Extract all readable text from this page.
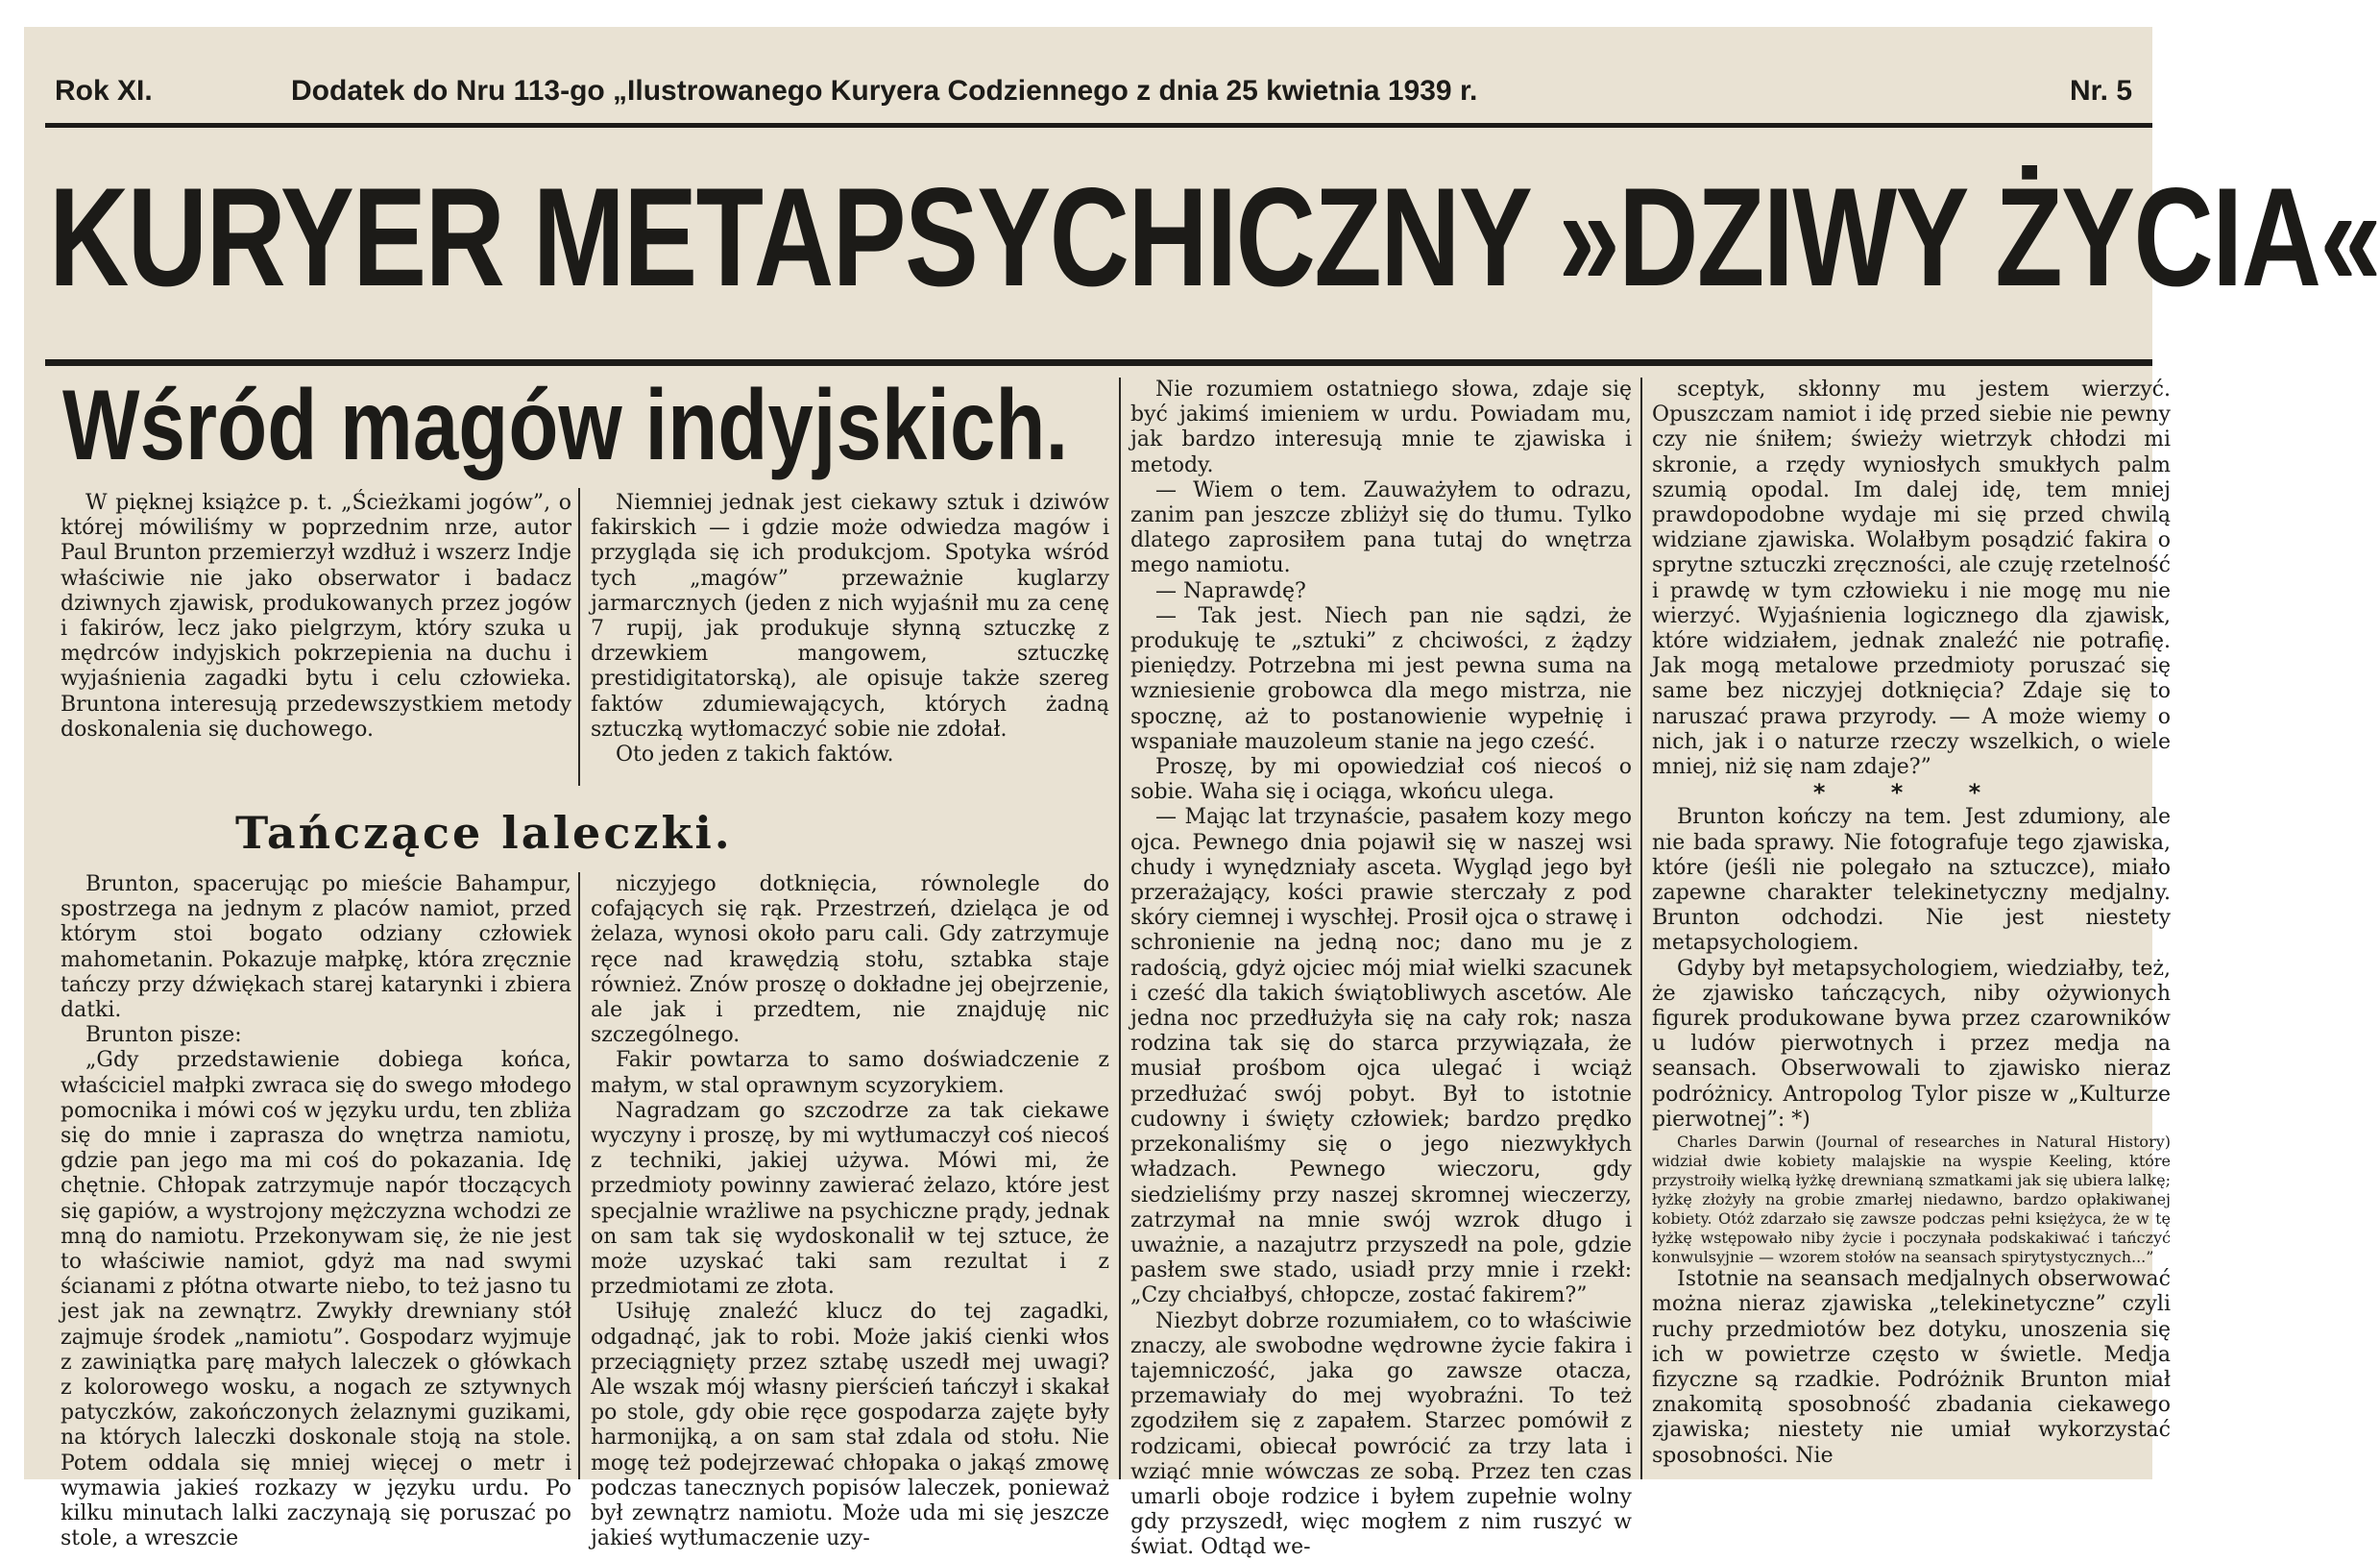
Rok XI.	Dodatek do Nru 113-go „Ilustrowanego Kuryera Codziennego z dnia 25 kwietnia 1939 r.	Nr. 5
KURYER METAPSYCHICZNY »DZIWY ŻYCIA«
Wśród magów indyjskich.
Tańczące laleczki.

W pięknej książce p. t. „Ścieżkami jogów”, o której mówiliśmy w poprzednim nrze, autor Paul Brunton przemierzył wzdłuż i wszerz Indje właściwie nie jako obserwator i badacz dziwnych zjawisk, produkowanych przez jogów i fakirów, lecz jako pielgrzym, który szuka u mędrców indyjskich pokrzepienia na duchu i wyjaśnienia zagadki bytu i celu człowieka. Bruntona interesują przedewszystkiem metody doskonalenia się duchowego.

Niemniej jednak jest ciekawy sztuk i dziwów fakirskich — i gdzie może odwiedza magów i przygląda się ich produkcjom. Spotyka wśród tych „magów” przeważnie kuglarzy jarmarcznych (jeden z nich wyjaśnił mu za cenę 7 rupij, jak produkuje słynną sztuczkę z drzewkiem mangowem, sztuczkę prestidigitatorską), ale opisuje także szereg faktów zdumiewających, których żadną sztuczką wytłomaczyć sobie nie zdołał.

Oto jeden z takich faktów.

Brunton, spacerując po mieście Bahampur, spostrzega na jednym z placów namiot, przed którym stoi bogato odziany człowiek mahometanin. Pokazuje małpkę, która zręcznie tańczy przy dźwiękach starej katarynki i zbiera datki.

Brunton pisze:

„Gdy przedstawienie dobiega końca, właściciel małpki zwraca się do swego młodego pomocnika i mówi coś w języku urdu, ten zbliża się do mnie i zaprasza do wnętrza namiotu, gdzie pan jego ma mi coś do pokazania. Idę chętnie. Chłopak zatrzymuje napór tłoczących się gapiów, a wystrojony mężczyzna wchodzi ze mną do namiotu. Przekonywam się, że nie jest to właściwie namiot, gdyż ma nad swymi ścianami z płótna otwarte niebo, to też jasno tu jest jak na zewnątrz. Zwykły drewniany stół zajmuje środek „namiotu”. Gospodarz wyjmuje z zawiniątka parę małych laleczek o główkach z kolorowego wosku, a nogach ze sztywnych patyczków, zakończonych żelaznymi guzikami, na których laleczki doskonale stoją na stole. Potem oddala się mniej więcej o metr i wymawia jakieś rozkazy w języku urdu. Po kilku minutach lalki zaczynają się poruszać po stole, a wreszcie

niczyjego dotknięcia, równolegle do cofających się rąk. Przestrzeń, dzieląca je od żelaza, wynosi około paru cali. Gdy zatrzymuje ręce nad krawędzią stołu, sztabka staje również. Znów proszę o dokładne jej obejrzenie, ale jak i przedtem, nie znajduję nic szczególnego.

Fakir powtarza to samo doświadczenie z małym, w stal oprawnym scyzorykiem.

Nagradzam go szczodrze za tak ciekawe wyczyny i proszę, by mi wytłumaczył coś niecoś z techniki, jakiej używa. Mówi mi, że przedmioty powinny zawierać żelazo, które jest specjalnie wrażliwe na psychiczne prądy, jednak on sam tak się wydoskonalił w tej sztuce, że może uzyskać taki sam rezultat i z przedmiotami ze złota.

Usiłuję znaleźć klucz do tej zagadki, odgadnąć, jak to robi. Może jakiś cienki włos przeciągnięty przez sztabę uszedł mej uwagi? Ale wszak mój własny pierścień tańczył i skakał po stole, gdy obie ręce gospodarza zajęte były harmonijką, a on sam stał zdala od stołu. Nie mogę też podejrzewać chłopaka o jakąś zmowę podczas tanecznych popisów laleczek, ponieważ był zewnątrz namiotu. Może uda mi się jeszcze jakieś wytłumaczenie uzy-

Nie rozumiem ostatniego słowa, zdaje się być jakimś imieniem w urdu. Powiadam mu, jak bardzo interesują mnie te zjawiska i metody.

— Wiem o tem. Zauważyłem to odrazu, zanim pan jeszcze zbliżył się do tłumu. Tylko dlatego zaprosiłem pana tutaj do wnętrza mego namiotu.

— Naprawdę?

— Tak jest. Niech pan nie sądzi, że produkuję te „sztuki” z chciwości, z żądzy pieniędzy. Potrzebna mi jest pewna suma na wzniesienie grobowca dla mego mistrza, nie spocznę, aż to postanowienie wypełnię i wspaniałe mauzoleum stanie na jego cześć.

Proszę, by mi opowiedział coś niecoś o sobie. Waha się i ociąga, wkońcu ulega.

— Mając lat trzynaście, pasałem kozy mego ojca. Pewnego dnia pojawił się w naszej wsi chudy i wynędzniały asceta. Wygląd jego był przerażający, kości prawie sterczały z pod skóry ciemnej i wyschłej. Prosił ojca o strawę i schronienie na jedną noc; dano mu je z radością, gdyż ojciec mój miał wielki szacunek i cześć dla takich świątobliwych ascetów. Ale jedna noc przedłużyła się na cały rok; nasza rodzina tak się do starca przywiązała, że musiał prośbom ojca ulegać i wciąż przedłużać swój pobyt. Był to istotnie cudowny i święty człowiek; bardzo prędko przekonaliśmy się o jego niezwykłych władzach. Pewnego wieczoru, gdy siedzieliśmy przy naszej skromnej wieczerzy, zatrzymał na mnie swój wzrok długo i uważnie, a nazajutrz przyszedł na pole, gdzie pasłem swe stado, usiadł przy mnie i rzekł: „Czy chciałbyś, chłopcze, zostać fakirem?”

Niezbyt dobrze rozumiałem, co to właściwie znaczy, ale swobodne wędrowne życie fakira i tajemniczość, jaka go zawsze otacza, przemawiały do mej wyobraźni. To też zgodziłem się z zapałem. Starzec pomówił z rodzicami, obiecał powrócić za trzy lata i wziąć mnie wówczas ze sobą. Przez ten czas umarli oboje rodzice i byłem zupełnie wolny gdy przyszedł, więc mogłem z nim ruszyć w świat. Odtąd we-

sceptyk, skłonny mu jestem wierzyć. Opuszczam namiot i idę przed siebie nie pewny czy nie śniłem; świeży wietrzyk chłodzi mi skronie, a rzędy wyniosłych smukłych palm szumią opodal. Im dalej idę, tem mniej prawdopodobne wydaje mi się przed chwilą widziane zjawiska. Wolałbym posądzić fakira o sprytne sztuczki zręczności, ale czuję rzetelność i prawdę w tym człowieku i nie mogę mu nie wierzyć. Wyjaśnienia logicznego dla zjawisk, które widziałem, jednak znaleźć nie potrafię. Jak mogą metalowe przedmioty poruszać się same bez niczyjej dotknięcia? Zdaje się to naruszać prawa przyrody. — A może wiemy o nich, jak i o naturze rzeczy wszelkich, o wiele mniej, niż się nam zdaje?”

* * *

Brunton kończy na tem. Jest zdumiony, ale nie bada sprawy. Nie fotografuje tego zjawiska, które (jeśli nie polegało na sztuczce), miało zapewne charakter telekinetyczny medjalny. Brunton odchodzi. Nie jest niestety metapsychologiem.

Gdyby był metapsychologiem, wiedziałby, też, że zjawisko tańczących, niby ożywionych figurek produkowane bywa przez czarowników u ludów pierwotnych i przez medja na seansach. Obserwowali to zjawisko nieraz podróżnicy. Antropolog Tylor pisze w „Kulturze pierwotnej”: *)

Charles Darwin (Journal of researches in Natural History) widział dwie kobiety malajskie na wyspie Keeling, które przystroiły wielką łyżkę drewnianą szmatkami jak się ubiera lalkę; łyżkę złożyły na grobie zmarłej niedawno, bardzo opłakiwanej kobiety. Otóż zdarzało się zawsze podczas pełni księżyca, że w tę łyżkę wstępowało niby życie i poczynała podskakiwać i tańczyć konwulsyjnie — wzorem stołów na seansach spirytystycznych...”

Istotnie na seansach medjalnych obserwować można nieraz zjawiska „telekinetyczne” czyli ruchy przedmiotów bez dotyku, unoszenia się ich w powietrze często w świetle. Medja fizyczne są rzadkie. Podróżnik Brunton miał znakomitą sposobność zbadania ciekawego zjawiska; niestety nie umiał wykorzystać sposobności. Nie
